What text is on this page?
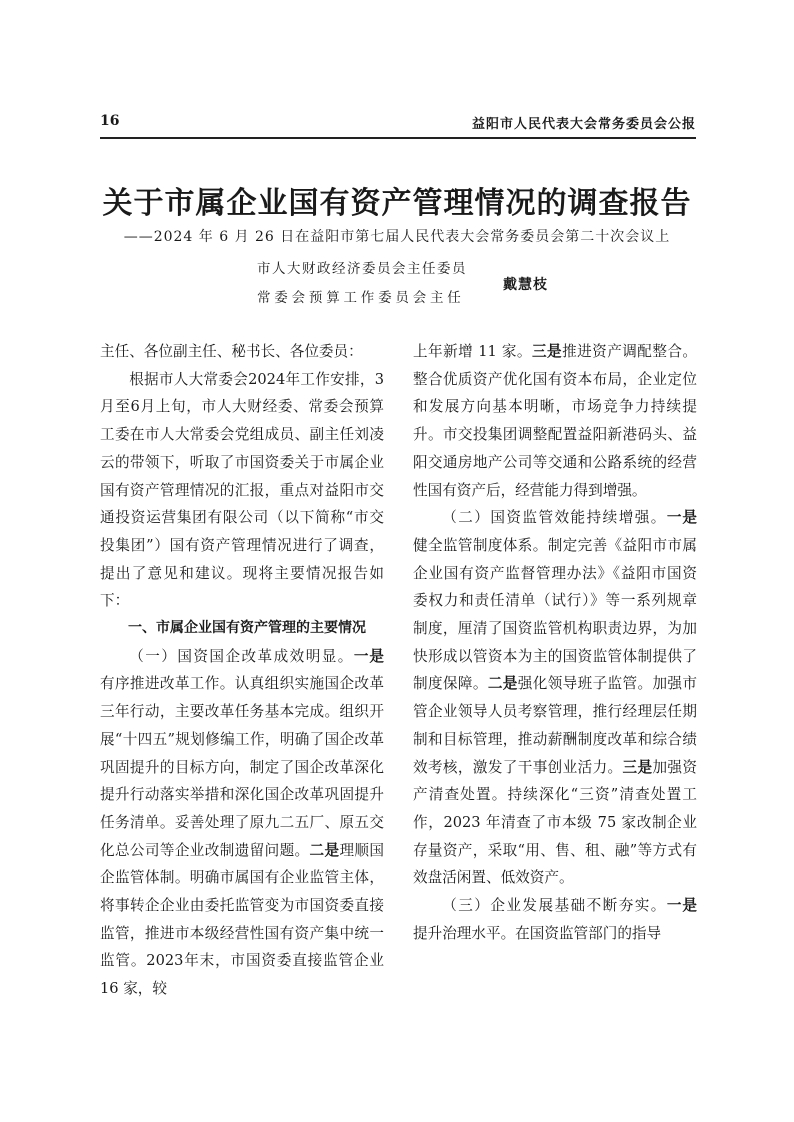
16	益阳市人民代表大会常务委员会公报
关于市属企业国有资产管理情况的调查报告
——2024 年 6 月 26 日在益阳市第七届人民代表大会常务委员会第二十次会议上
市人大财政经济委员会主任委员
常委会预算工作委员会主任
戴慧枝

主任、各位副主任、秘书长、各位委员：

根据市人大常委会2024年工作安排，3月至6月上旬，市人大财经委、常委会预算工委在市人大常委会党组成员、副主任刘凌云的带领下，听取了市国资委关于市属企业国有资产管理情况的汇报，重点对益阳市交通投资运营集团有限公司（以下简称“市交投集团”）国有资产管理情况进行了调查，提出了意见和建议。现将主要情况报告如下：

一、市属企业国有资产管理的主要情况

（一）国资国企改革成效明显。一是有序推进改革工作。认真组织实施国企改革三年行动，主要改革任务基本完成。组织开展“十四五”规划修编工作，明确了国企改革巩固提升的目标方向，制定了国企改革深化提升行动落实举措和深化国企改革巩固提升任务清单。妥善处理了原九二五厂、原五交化总公司等企业改制遗留问题。二是理顺国企监管体制。明确市属国有企业监管主体，将事转企企业由委托监管变为市国资委直接监管，推进市本级经营性国有资产集中统一监管。2023年末，市国资委直接监管企业 16 家，较

上年新增 11 家。三是推进资产调配整合。整合优质资产优化国有资本布局，企业定位和发展方向基本明晰，市场竞争力持续提升。市交投集团调整配置益阳新港码头、益阳交通房地产公司等交通和公路系统的经营性国有资产后，经营能力得到增强。

（二）国资监管效能持续增强。一是健全监管制度体系。制定完善《益阳市市属企业国有资产监督管理办法》《益阳市国资委权力和责任清单（试行）》等一系列规章制度，厘清了国资监管机构职责边界，为加快形成以管资本为主的国资监管体制提供了制度保障。二是强化领导班子监管。加强市管企业领导人员考察管理，推行经理层任期制和目标管理，推动薪酬制度改革和综合绩效考核，激发了干事创业活力。三是加强资产清查处置。持续深化“三资”清查处置工作，2023 年清查了市本级 75 家改制企业存量资产，采取“用、售、租、融”等方式有效盘活闲置、低效资产。

（三）企业发展基础不断夯实。一是提升治理水平。在国资监管部门的指导
